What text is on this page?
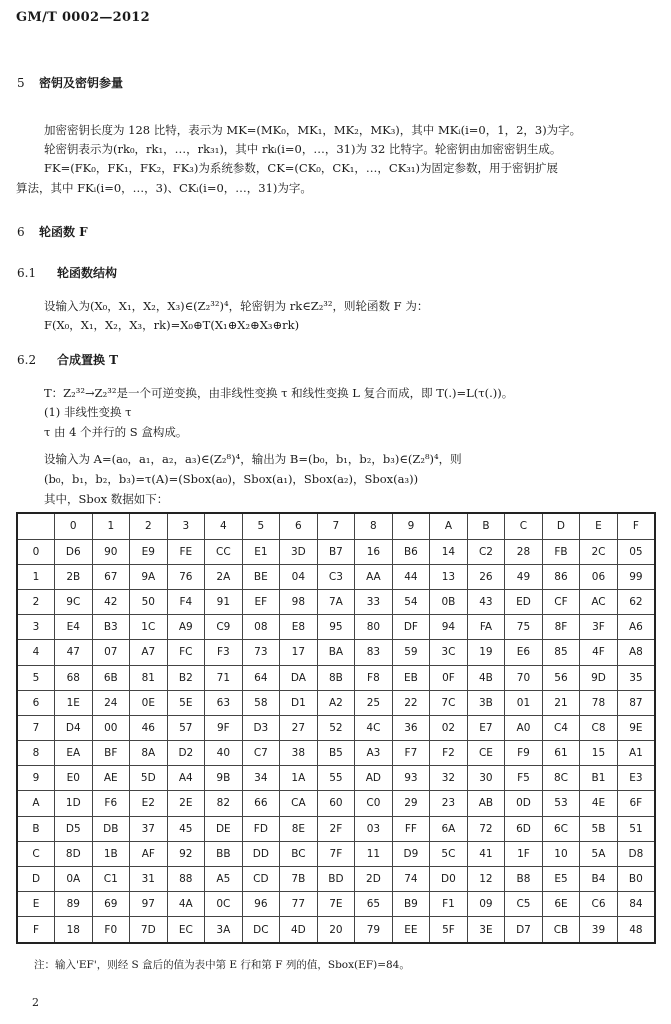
GM/T 0002—2012
5 密钥及密钥参量
加密密钥长度为 128 比特，表示为 MK=(MK₀，MK₁，MK₂，MK₃)，其中 MKᵢ(i=0，1，2，3)为字。
轮密钥表示为(rk₀，rk₁，…，rk₃₁)，其中 rkᵢ(i=0，…，31)为 32 比特字。轮密钥由加密密钥生成。
FK=(FK₀，FK₁，FK₂，FK₃)为系统参数，CK=(CK₀，CK₁，…，CK₃₁)为固定参数，用于密钥扩展
算法，其中 FKᵢ(i=0，…，3)、CKᵢ(i=0，…，31)为字。
6 轮函数 F
6.1 轮函数结构
设输入为(X₀，X₁，X₂，X₃)∈(Z₂³²)⁴，轮密钥为 rk∈Z₂³²，则轮函数 F 为：
F(X₀，X₁，X₂，X₃，rk)=X₀⊕T(X₁⊕X₂⊕X₃⊕rk)
6.2 合成置换 T
T：Z₂³²→Z₂³²是一个可逆变换，由非线性变换 τ 和线性变换 L 复合而成，即 T(.)=L(τ(.))。
(1) 非线性变换 τ
τ 由 4 个并行的 S 盒构成。
设输入为 A=(a₀，a₁，a₂，a₃)∈(Z₂⁸)⁴，输出为 B=(b₀，b₁，b₂，b₃)∈(Z₂⁸)⁴，则
(b₀，b₁，b₂，b₃)=τ(A)=(Sbox(a₀)，Sbox(a₁)，Sbox(a₂)，Sbox(a₃))
其中，Sbox 数据如下：
	0	1	2	3	4	5	6	7	8	9	A	B	C	D	E	F
0	D6	90	E9	FE	CC	E1	3D	B7	16	B6	14	C2	28	FB	2C	05
1	2B	67	9A	76	2A	BE	04	C3	AA	44	13	26	49	86	06	99
2	9C	42	50	F4	91	EF	98	7A	33	54	0B	43	ED	CF	AC	62
3	E4	B3	1C	A9	C9	08	E8	95	80	DF	94	FA	75	8F	3F	A6
4	47	07	A7	FC	F3	73	17	BA	83	59	3C	19	E6	85	4F	A8
5	68	6B	81	B2	71	64	DA	8B	F8	EB	0F	4B	70	56	9D	35
6	1E	24	0E	5E	63	58	D1	A2	25	22	7C	3B	01	21	78	87
7	D4	00	46	57	9F	D3	27	52	4C	36	02	E7	A0	C4	C8	9E
8	EA	BF	8A	D2	40	C7	38	B5	A3	F7	F2	CE	F9	61	15	A1
9	E0	AE	5D	A4	9B	34	1A	55	AD	93	32	30	F5	8C	B1	E3
A	1D	F6	E2	2E	82	66	CA	60	C0	29	23	AB	0D	53	4E	6F
B	D5	DB	37	45	DE	FD	8E	2F	03	FF	6A	72	6D	6C	5B	51
C	8D	1B	AF	92	BB	DD	BC	7F	11	D9	5C	41	1F	10	5A	D8
D	0A	C1	31	88	A5	CD	7B	BD	2D	74	D0	12	B8	E5	B4	B0
E	89	69	97	4A	0C	96	77	7E	65	B9	F1	09	C5	6E	C6	84
F	18	F0	7D	EC	3A	DC	4D	20	79	EE	5F	3E	D7	CB	39	48
注：输入'EF'，则经 S 盒后的值为表中第 E 行和第 F 列的值，Sbox(EF)=84。
2
